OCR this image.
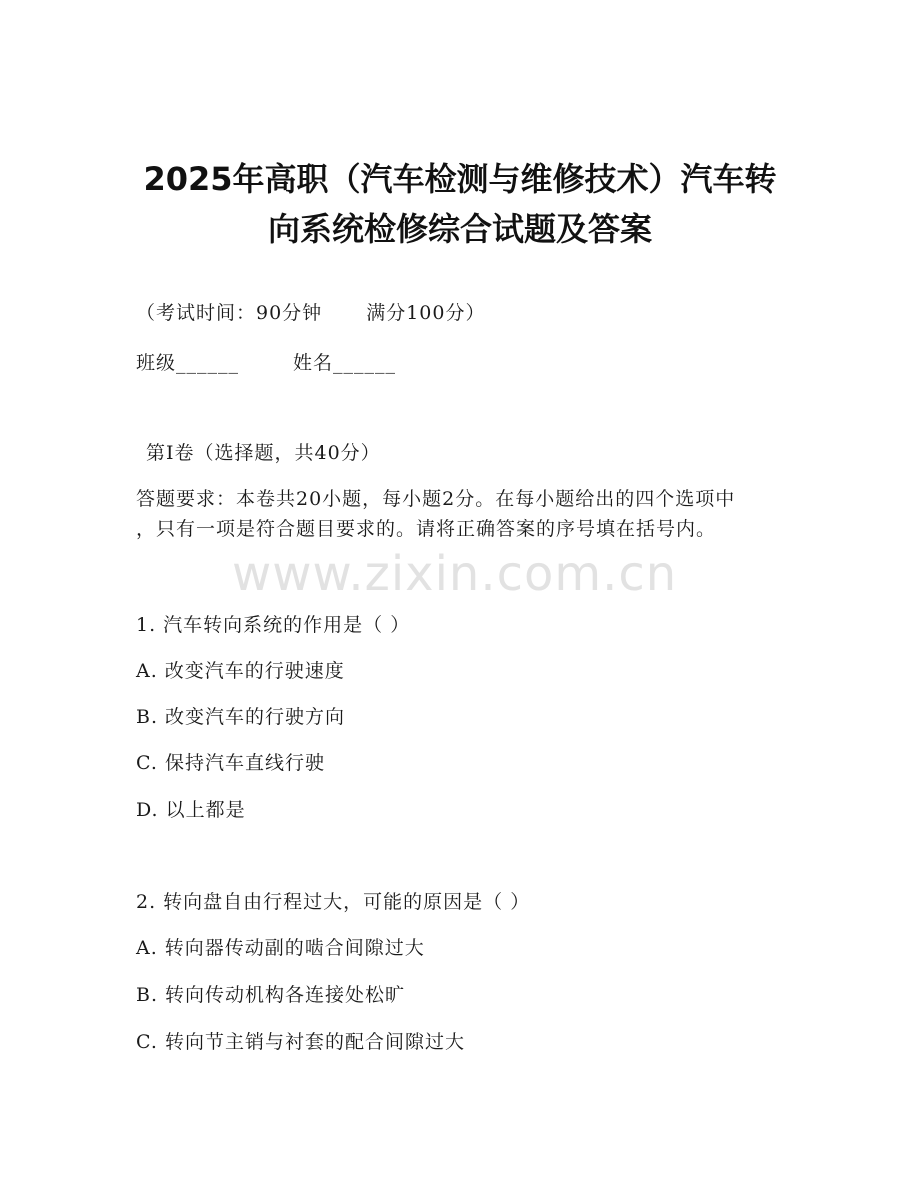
2025年高职（汽车检测与维修技术）汽车转
向系统检修综合试题及答案
（考试时间：90分钟 满分100分）
班级______	姓名______
第I卷（选择题，共40分）
答题要求：本卷共20小题，每小题2分。在每小题给出的四个选项中
，只有一项是符合题目要求的。请将正确答案的序号填在括号内。
www.zixin.com.cn
1. 汽车转向系统的作用是（ ）
A. 改变汽车的行驶速度
B. 改变汽车的行驶方向
C. 保持汽车直线行驶
D. 以上都是
2. 转向盘自由行程过大，可能的原因是（ ）
A. 转向器传动副的啮合间隙过大
B. 转向传动机构各连接处松旷
C. 转向节主销与衬套的配合间隙过大
